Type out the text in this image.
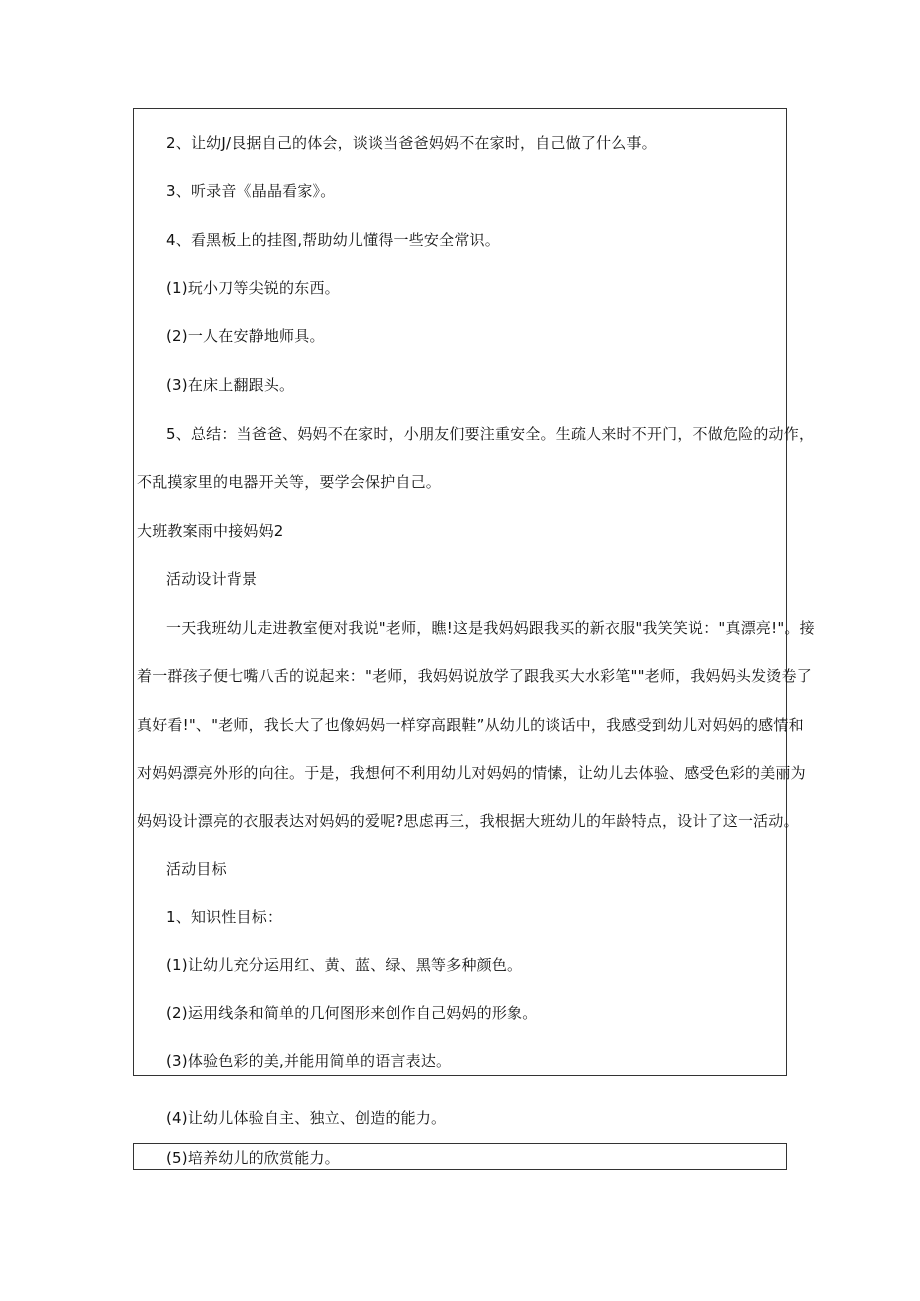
2、让幼J/艮据自己的体会，谈谈当爸爸妈妈不在家时，自己做了什么事。
3、听录音《晶晶看家》。
4、看黑板上的挂图,帮助幼儿懂得一些安全常识。
(1)玩小刀等尖锐的东西。
(2)一人在安静地师具。
(3)在床上翻跟头。
5、总结：当爸爸、妈妈不在家时，小朋友们要注重安全。生疏人来时不开门，不做危险的动作，
不乱摸家里的电器开关等，要学会保护自己。
大班教案雨中接妈妈2
活动设计背景
一天我班幼儿走进教室便对我说"老师，瞧!这是我妈妈跟我买的新衣服"我笑笑说："真漂亮!"。接
着一群孩子便七嘴八舌的说起来："老师，我妈妈说放学了跟我买大水彩笔""老师，我妈妈头发烫卷了
真好看!"、"老师，我长大了也像妈妈一样穿高跟鞋”从幼儿的谈话中，我感受到幼儿对妈妈的感情和
对妈妈漂亮外形的向往。于是，我想何不利用幼儿对妈妈的情愫，让幼儿去体验、感受色彩的美丽为
妈妈设计漂亮的衣服表达对妈妈的爱呢?思虑再三，我根据大班幼儿的年龄特点，设计了这一活动。
活动目标
1、知识性目标：
(1)让幼儿充分运用红、黄、蓝、绿、黑等多种颜色。
(2)运用线条和简单的几何图形来创作自己妈妈的形象。
(3)体验色彩的美,并能用简单的语言表达。
(4)让幼儿体验自主、独立、创造的能力。
(5)培养幼儿的欣赏能力。
